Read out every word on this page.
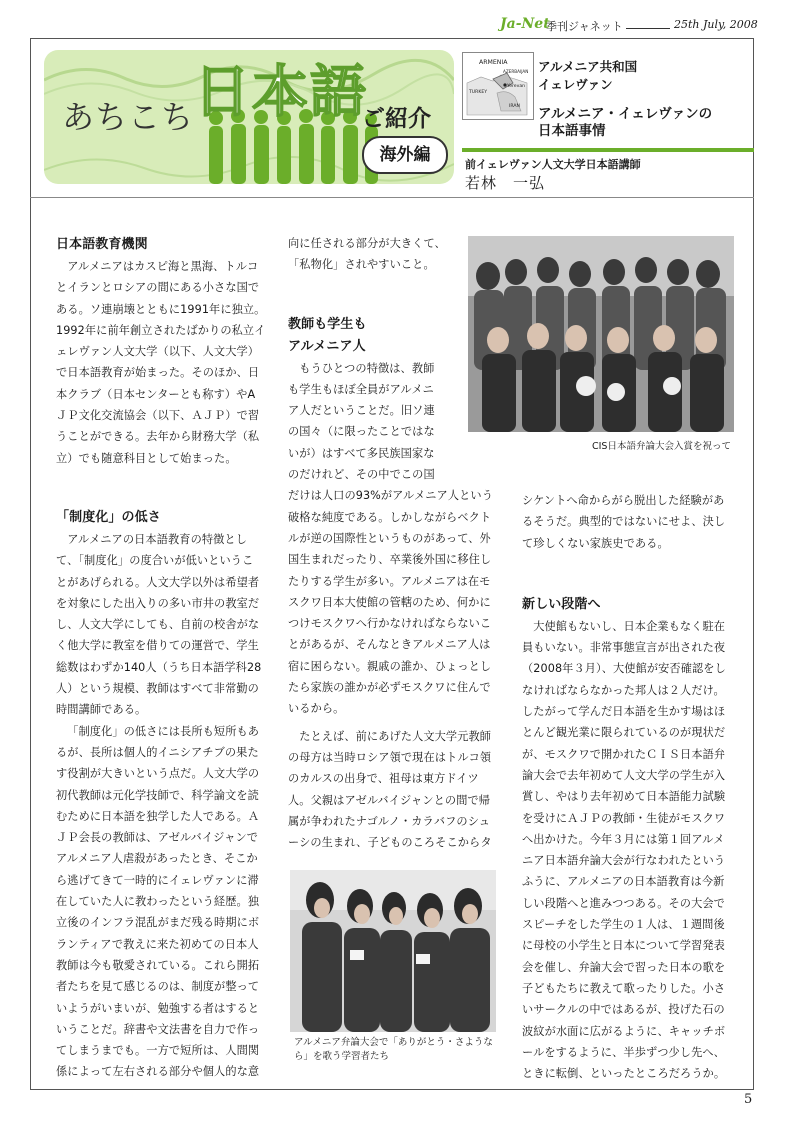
Ja-Net
季刊ジャネット	25th July, 2008
日本語
あちこち	ご紹介
海外編
ARMENIA
AZERBAIJAN
Yerevan
TURKEY
IRAN
アルメニア共和国
イェレヴァン
アルメニア・イェレヴァンの
日本語事情
前イェレヴァン人文大学日本語講師
若林　一弘
日本語教育機関

アルメニアはカスピ海と黒海、トルコ

とイランとロシアの間にある小さな国で

ある。ソ連崩壊とともに1991年に独立。

1992年に前年創立されたばかりの私立イ

ェレヴァン人文大学（以下、人文大学）

で日本語教育が始まった。そのほか、日

本クラブ（日本センターとも称す）やA

ＪＰ文化交流協会（以下、ＡＪＰ）で習

うことができる。去年から財務大学（私

立）でも随意科目として始まった。

「制度化」の低さ

アルメニアの日本語教育の特徴とし

て、「制度化」の度合いが低いというこ

とがあげられる。人文大学以外は希望者

を対象にした出入りの多い市井の教室だ

し、人文大学にしても、自前の校舎がな

く他大学に教室を借りての運営で、学生

総数はわずか140人（うち日本語学科28

人）という規模、教師はすべて非常勤の

時間講師である。

「制度化」の低さには長所も短所もあ

るが、長所は個人的イニシアチブの果た

す役割が大きいという点だ。人文大学の

初代教師は元化学技師で、科学論文を読

むために日本語を独学した人である。Ａ

ＪＰ会長の教師は、アゼルバイジャンで

アルメニア人虐殺があったとき、そこか

ら逃げてきて一時的にイェレヴァンに滞

在していた人に教わったという経歴。独

立後のインフラ混乱がまだ残る時期にボ

ランティアで教えに来た初めての日本人

教師は今も敬愛されている。これら開拓

者たちを見て感じるのは、制度が整って

いようがいまいが、勉強する者はすると

いうことだ。辞書や文法書を自力で作っ

てしまうまでも。一方で短所は、人間関

係によって左右される部分や個人的な意

向に任される部分が大きくて、

「私物化」されやすいこと。

教師も学生も
アルメニア人

もうひとつの特徴は、教師

も学生もほぼ全員がアルメニ

ア人だということだ。旧ソ連

の国々（に限ったことではな

いが）はすべて多民族国家な

のだけれど、その中でこの国

だけは人口の93%がアルメニア人という

破格な純度である。しかしながらベクト

ルが逆の国際性というものがあって、外

国生まれだったり、卒業後外国に移住し

たりする学生が多い。アルメニアは在モ

スクワ日本大使館の管轄のため、何かに

つけモスクワへ行かなければならないこ

とがあるが、そんなときアルメニア人は

宿に困らない。親戚の誰か、ひょっとし

たら家族の誰かが必ずモスクワに住んで

いるから。

たとえば、前にあげた人文大学元教師

の母方は当時ロシア領で現在はトルコ領

のカルスの出身で、祖母は東方ドイツ

人。父親はアゼルバイジャンとの間で帰

属が争われたナゴルノ・カラバフのシュ

ーシの生まれ、子どものころそこからタ

CIS日本語弁論大会入賞を祝って
アルメニア弁論大会で「ありがとう・さような
ら」を歌う学習者たち

シケントへ命からがら脱出した経験があ

るそうだ。典型的ではないにせよ、決し

て珍しくない家族史である。

新しい段階へ

大使館もないし、日本企業もなく駐在

員もいない。非常事態宣言が出された夜

（2008年３月）、大使館が安否確認をし

なければならなかった邦人は２人だけ。

したがって学んだ日本語を生かす場はほ

とんど観光業に限られているのが現状だ

が、モスクワで開かれたＣＩＳ日本語弁

論大会で去年初めて人文大学の学生が入

賞し、やはり去年初めて日本語能力試験

を受けにＡＪＰの教師・生徒がモスクワ

へ出かけた。今年３月には第１回アルメ

ニア日本語弁論大会が行なわれたという

ふうに、アルメニアの日本語教育は今新

しい段階へと進みつつある。その大会で

スピーチをした学生の１人は、１週間後

に母校の小学生と日本について学習発表

会を催し、弁論大会で習った日本の歌を

子どもたちに教えて歌ったりした。小さ

いサークルの中ではあるが、投げた石の

波紋が水面に広がるように、キャッチボ

ールをするように、半歩ずつ少し先へ、

ときに転倒、といったところだろうか。

5
